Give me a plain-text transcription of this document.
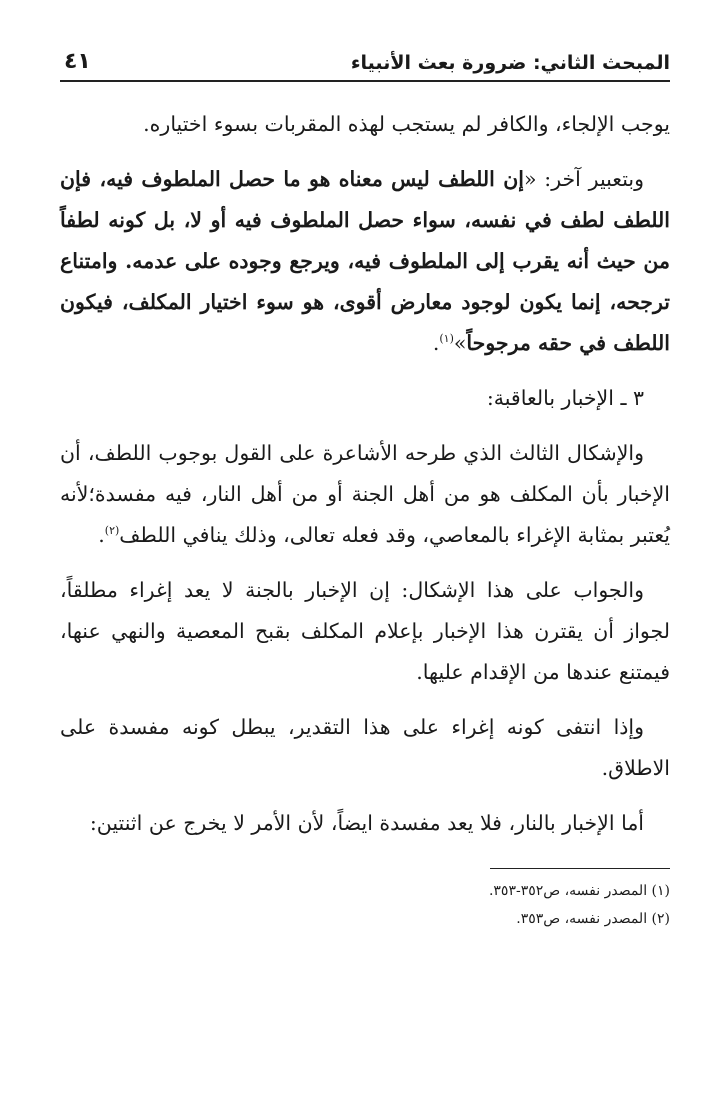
المبحث الثاني: ضرورة بعث الأنبياء
٤١

يوجب الإلجاء، والكافر لم يستجب لهذه المقربات بسوء اختياره.

وبتعبير آخر: «إن اللطف ليس معناه هو ما حصل الملطوف فيه، فإن اللطف لطف في نفسه، سواء حصل الملطوف فيه أو لا، بل كونه لطفاً من حيث أنه يقرب إلى الملطوف فيه، ويرجع وجوده على عدمه. وامتناع ترجحه، إنما يكون لوجود معارض أقوى، هو سوء اختيار المكلف، فيكون اللطف في حقه مرجوحاً»$^{(١)}$.

٣ ـ الإخبار بالعاقبة:

والإشكال الثالث الذي طرحه الأشاعرة على القول بوجوب اللطف، أن الإخبار بأن المكلف هو من أهل الجنة أو من أهل النار، فيه مفسدة؛لأنه يُعتبر بمثابة الإغراء بالمعاصي، وقد فعله تعالى، وذلك ينافي اللطف$^{(٢)}$.

والجواب على هذا الإشكال: إن الإخبار بالجنة لا يعد إغراء مطلقاً، لجواز أن يقترن هذا الإخبار بإعلام المكلف بقبح المعصية والنهي عنها، فيمتنع عندها من الإقدام عليها.

وإذا انتفى كونه إغراء على هذا التقدير، يبطل كونه مفسدة على الاطلاق.

أما الإخبار بالنار، فلا يعد مفسدة ايضاً، لأن الأمر لا يخرج عن اثنتين:

(١) المصدر نفسه، ص٣٥٢-٣٥٣.
(٢) المصدر نفسه، ص٣٥٣.
